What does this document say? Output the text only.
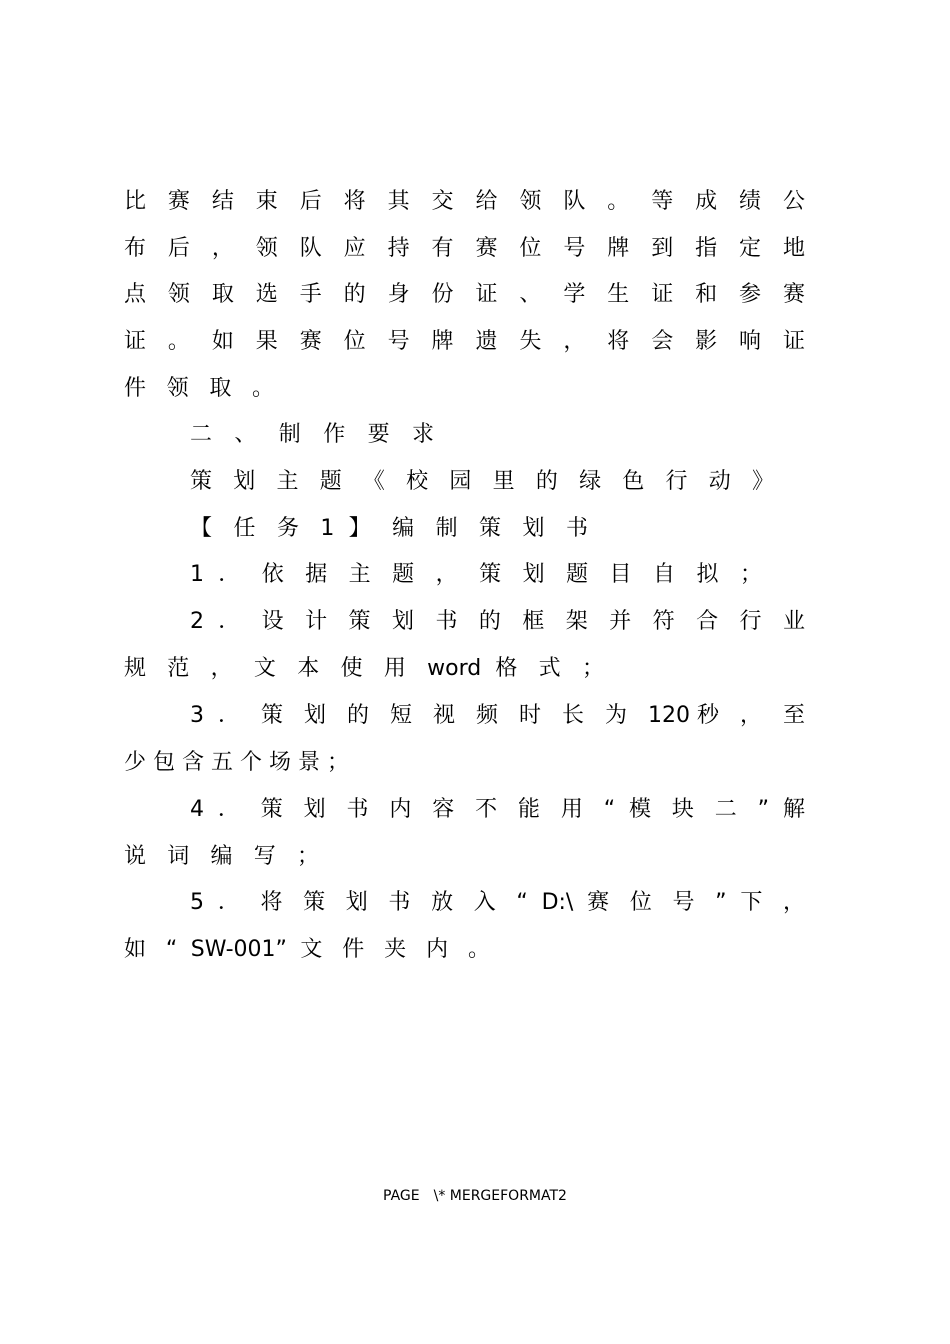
比 赛 结 束 后 将 其 交 给 领 队 。 等 成 绩 公
布 后 ， 领 队 应 持 有 赛 位 号 牌 到 指 定 地
点 领 取 选 手 的 身 份 证 、 学 生 证 和 参 赛
证 。 如 果 赛 位 号 牌 遗 失 ， 将 会 影 响 证
件 领 取 。
二 、 制 作 要 求
策 划 主 题 《 校 园 里 的 绿 色 行 动 》
【 任 务 1 】 编 制 策 划 书
1 ． 依 据 主 题 ， 策 划 题 目 自 拟 ；
2 ． 设 计 策 划 书 的 框 架 并 符 合 行 业
规 范 ， 文 本 使 用 word 格 式 ；
3 ． 策 划 的 短 视 频 时 长 为 120秒 ， 至
少 包 含 五 个 场 景 ；
4 ． 策 划 书 内 容 不 能 用 “ 模 块 二 ” 解
说 词 编 写 ；
5 ． 将 策 划 书 放 入 “ D:\ 赛 位 号 ” 下 ，
如 “ SW-001” 文 件 夹 内 。
PAGE \* MERGEFORMAT2
